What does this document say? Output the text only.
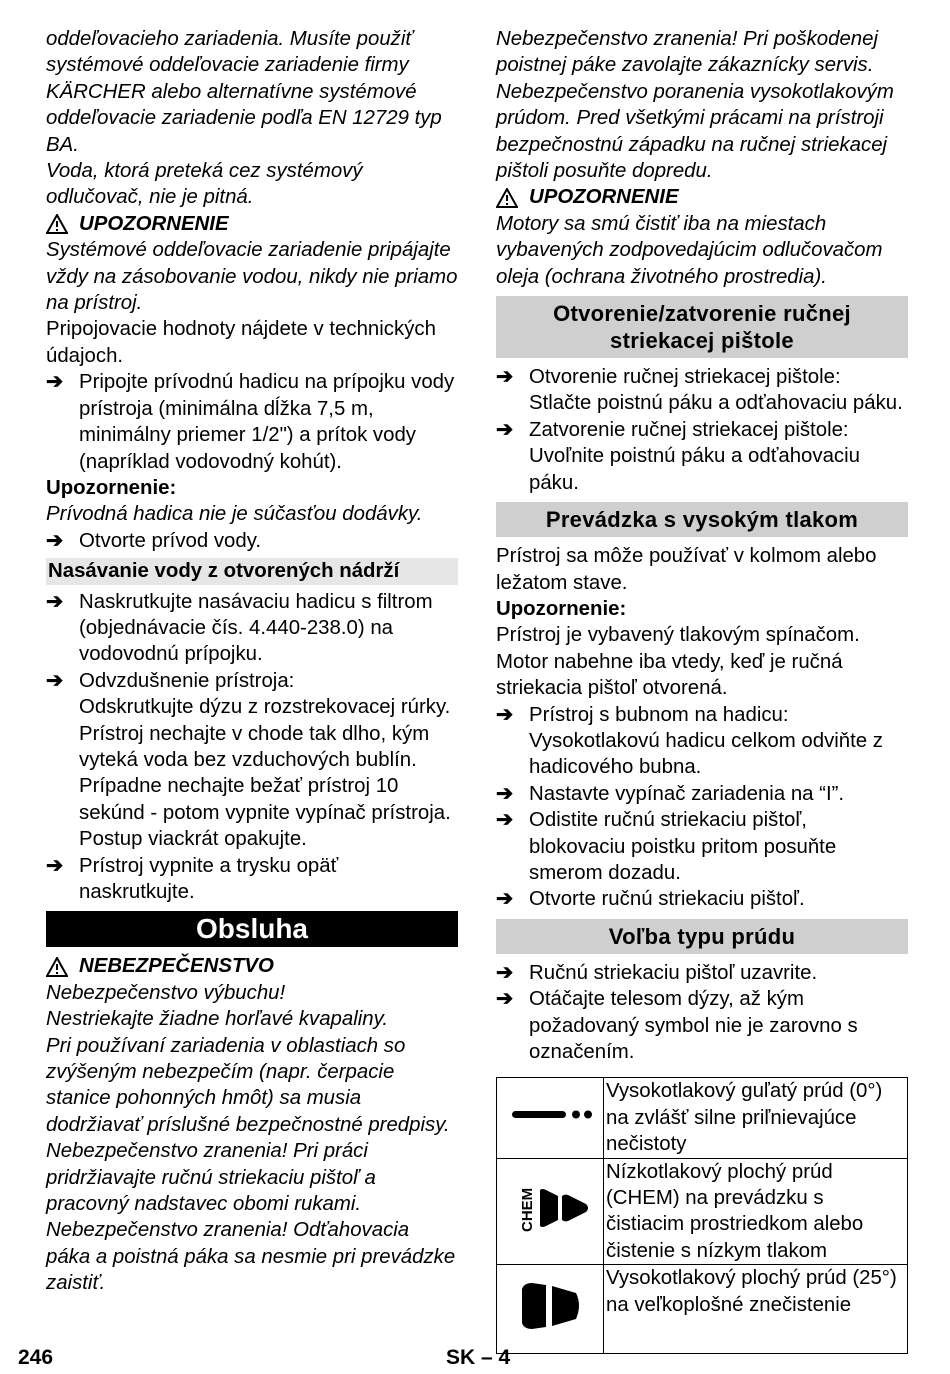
oddeľovacieho zariadenia. Musíte použiť systémové oddeľovacie zariadenie firmy KÄRCHER alebo alternatívne systémové oddeľovacie zariadenie podľa EN 12729 typ BA.

Voda, ktorá preteká cez systémový odlučovač, nie je pitná.

UPOZORNENIE

Systémové oddeľovacie zariadenie pripájajte vždy na zásobovanie vodou, nikdy nie priamo na prístroj.

Pripojovacie hodnoty nájdete v technických údajoch.

➔ Pripojte prívodnú hadicu na prípojku vody prístroja (minimálna dĺžka 7,5 m, minimálny priemer 1/2") a prítok vody (napríklad vodovodný kohút).

Upozornenie:

Prívodná hadica nie je súčasťou dodávky.

➔ Otvorte prívod vody.
Nasávanie vody z otvorených nádrží
➔ Naskrutkujte nasávaciu hadicu s filtrom (objednávacie čís. 4.440-238.0) na vodovodnú prípojku.
➔ Odvzdušnenie prístroja:

Odskrutkujte dýzu z rozstrekovacej rúrky.

Prístroj nechajte v chode tak dlho, kým vyteká voda bez vzduchových bublín.

Prípadne nechajte bežať prístroj 10 sekúnd - potom vypnite vypínač prístroja. Postup viackrát opakujte.

➔ Prístroj vypnite a trysku opäť naskrutkujte.
Obsluha
NEBEZPEČENSTVO

Nebezpečenstvo výbuchu!

Nestriekajte žiadne horľavé kvapaliny.

Pri používaní zariadenia v oblastiach so zvýšeným nebezpečím (napr. čerpacie stanice pohonných hmôt) sa musia dodržiavať príslušné bezpečnostné predpisy.

Nebezpečenstvo zranenia! Pri práci pridržiavajte ručnú striekaciu pištoľ a pracovný nadstavec obomi rukami.

Nebezpečenstvo zranenia! Odťahovacia páka a poistná páka sa nesmie pri prevádzke zaistiť.

Nebezpečenstvo zranenia! Pri poškodenej poistnej páke zavolajte zákaznícky servis.

Nebezpečenstvo poranenia vysokotlakovým prúdom. Pred všetkými prácami na prístroji bezpečnostnú západku na ručnej striekacej pištoli posuňte dopredu.

UPOZORNENIE

Motory sa smú čistiť iba na miestach vybavených zodpovedajúcim odlučovačom oleja (ochrana životného prostredia).

Otvorenie/zatvorenie ručnej striekacej pištole
➔ Otvorenie ručnej striekacej pištole: Stlačte poistnú páku a odťahovaciu páku.
➔ Zatvorenie ručnej striekacej pištole: Uvoľnite poistnú páku a odťahovaciu páku.
Prevádzka s vysokým tlakom

Prístroj sa môže používať v kolmom alebo ležatom stave.

Upozornenie:

Prístroj je vybavený tlakovým spínačom. Motor nabehne iba vtedy, keď je ručná striekacia pištoľ otvorená.

➔ Prístroj s bubnom na hadicu: Vysokotlakovú hadicu celkom odviňte z hadicového bubna.
➔ Nastavte vypínač zariadenia na “I”.
➔ Odistite ručnú striekaciu pištoľ, blokovaciu poistku pritom posuňte smerom dozadu.
➔ Otvorte ručnú striekaciu pištoľ.
Voľba typu prúdu
➔ Ručnú striekaciu pištoľ uzavrite.
➔ Otáčajte telesom dýzy, až kým požadovaný symbol nie je zarovno s označením.
	Vysokotlakový guľatý prúd (0°) na zvlášť silne priľnievajúce nečistoty

CHEM	Nízkotlakový plochý prúd (CHEM) na prevádzku s čistiacim prostriedkom alebo čistenie s nízkym tlakom
	Vysokotlakový plochý prúd (25°) na veľkoplošné znečistenie
246	SK – 4
